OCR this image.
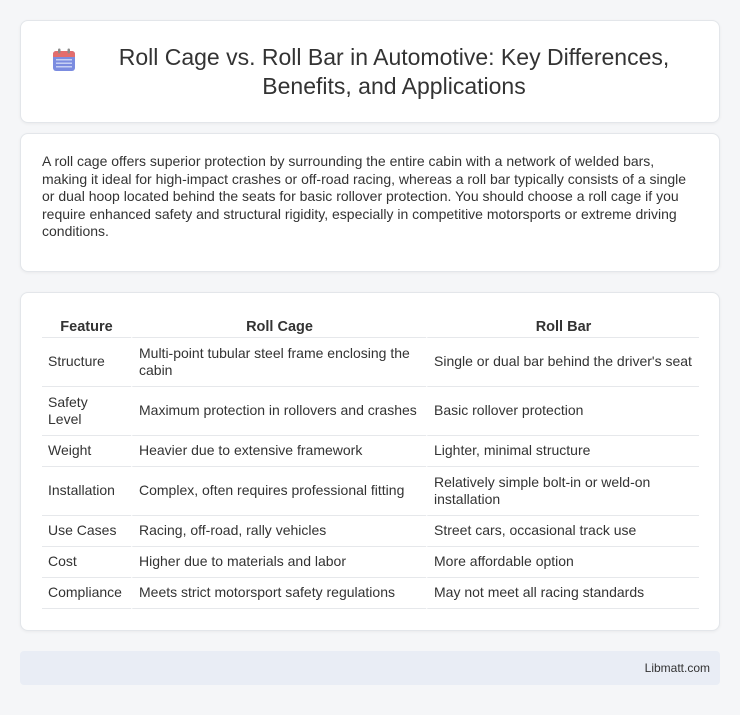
Roll Cage vs. Roll Bar in Automotive: Key Differences, Benefits, and Applications

A roll cage offers superior protection by surrounding the entire cabin with a network of welded bars, making it ideal for high-impact crashes or off-road racing, whereas a roll bar typically consists of a single or dual hoop located behind the seats for basic rollover protection. You should choose a roll cage if you require enhanced safety and structural rigidity, especially in competitive motorsports or extreme driving conditions.

Feature	Roll Cage	Roll Bar
Structure	Multi-point tubular steel frame enclosing the cabin	Single or dual bar behind the driver's seat
Safety Level	Maximum protection in rollovers and crashes	Basic rollover protection
Weight	Heavier due to extensive framework	Lighter, minimal structure
Installation	Complex, often requires professional fitting	Relatively simple bolt-in or weld-on installation
Use Cases	Racing, off-road, rally vehicles	Street cars, occasional track use
Cost	Higher due to materials and labor	More affordable option
Compliance	Meets strict motorsport safety regulations	May not meet all racing standards
Libmatt.com
